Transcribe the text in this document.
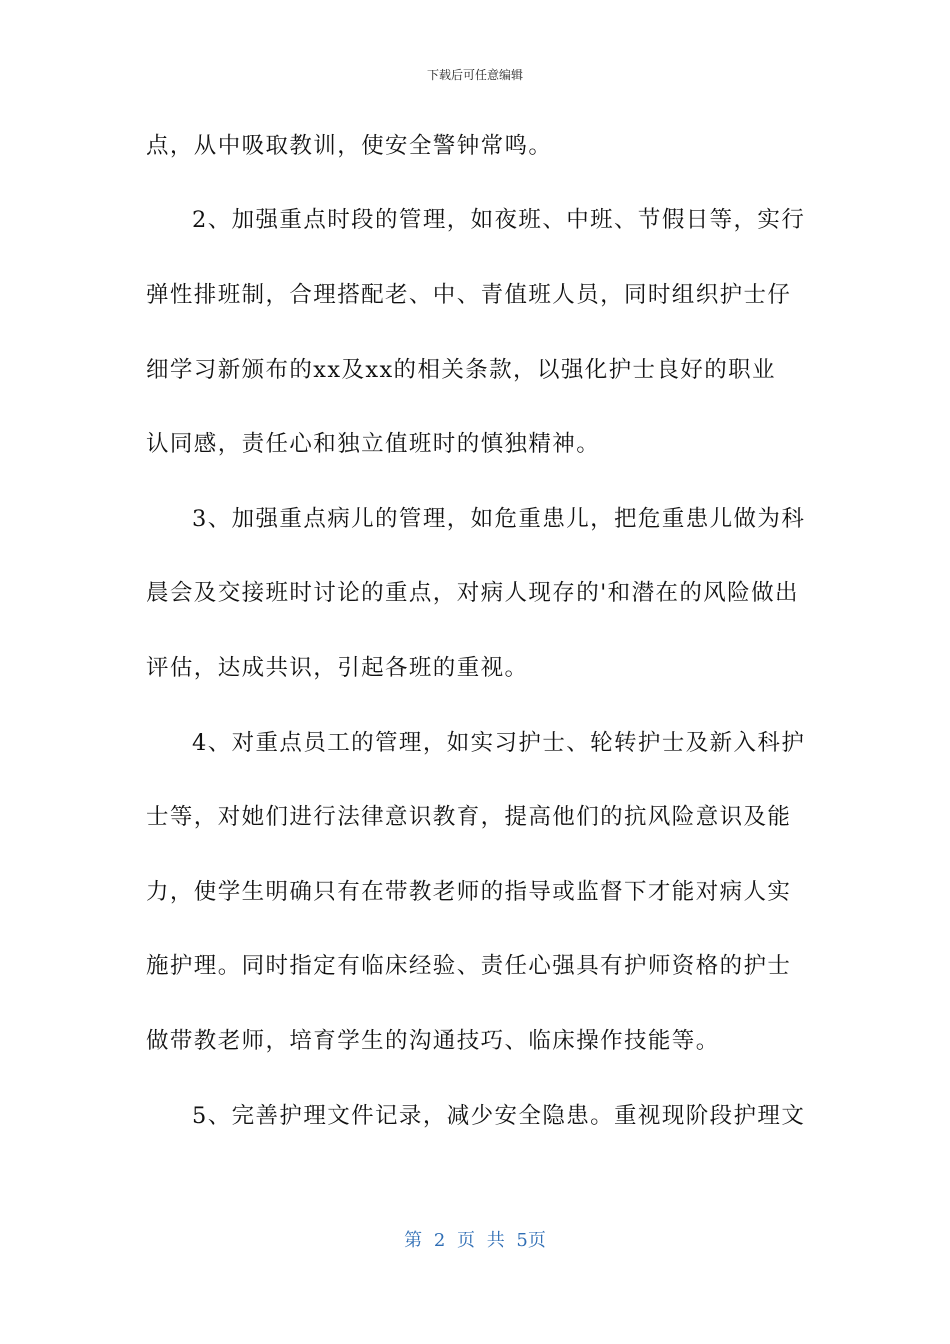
下载后可任意编辑
点，从中吸取教训，使安全警钟常鸣。
2、加强重点时段的管理，如夜班、中班、节假日等，实行
弹性排班制，合理搭配老、中、青值班人员，同时组织护士仔
细学习新颁布的xx及xx的相关条款，以强化护士良好的职业
认同感，责任心和独立值班时的慎独精神。
3、加强重点病儿的管理，如危重患儿，把危重患儿做为科
晨会及交接班时讨论的重点，对病人现存的'和潜在的风险做出
评估，达成共识，引起各班的重视。
4、对重点员工的管理，如实习护士、轮转护士及新入科护
士等，对她们进行法律意识教育，提高他们的抗风险意识及能
力，使学生明确只有在带教老师的指导或监督下才能对病人实
施护理。同时指定有临床经验、责任心强具有护师资格的护士
做带教老师，培育学生的沟通技巧、临床操作技能等。
5、完善护理文件记录，减少安全隐患。重视现阶段护理文
第 2 页 共 5页
